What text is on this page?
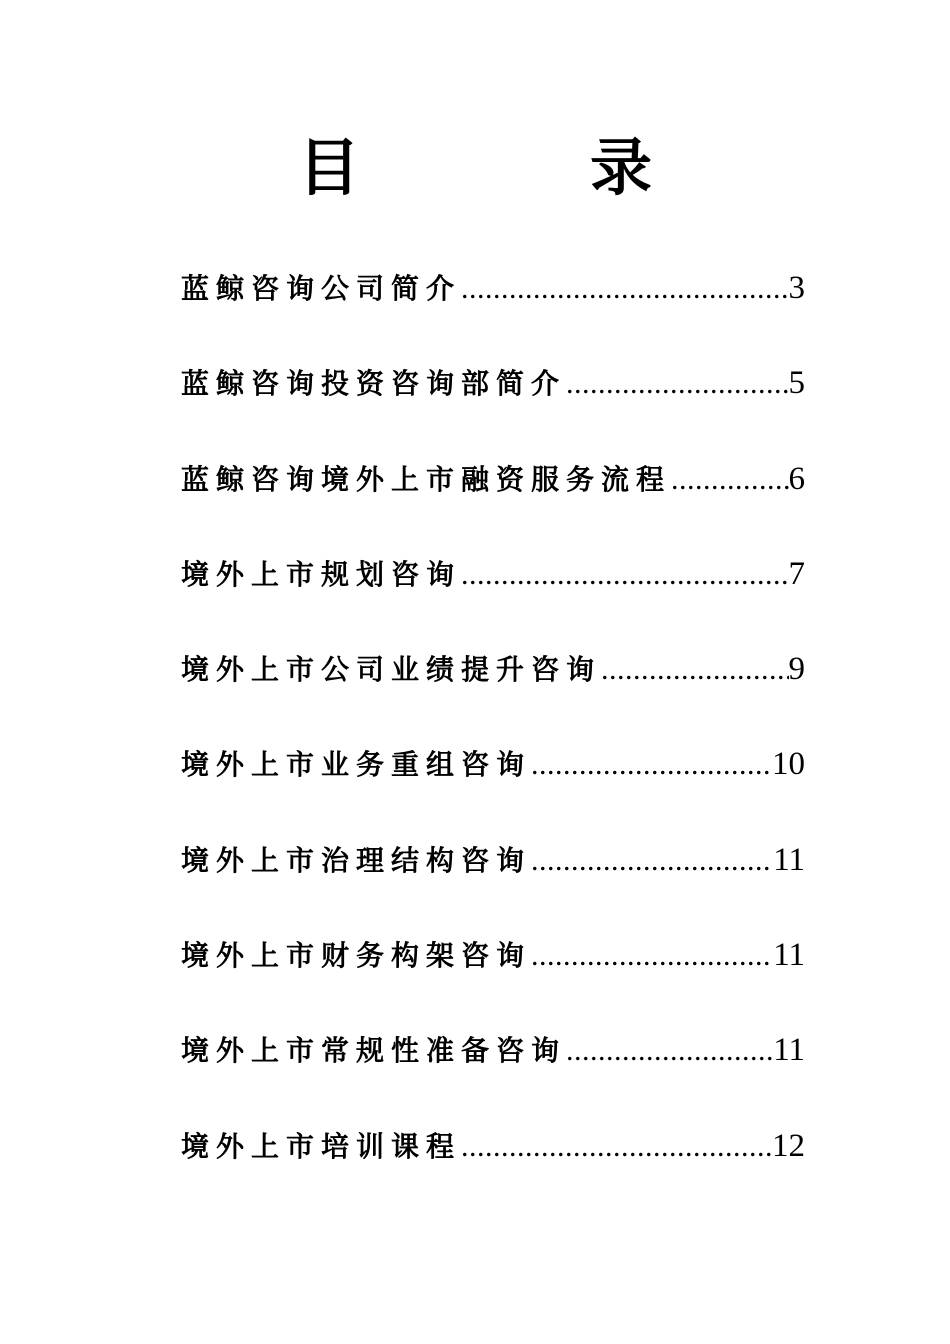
目　录
蓝鲸咨询公司简介 .....	3
蓝鲸咨询投资咨询部简介 .....	5
蓝鲸咨询境外上市融资服务流程 .....	6
境外上市规划咨询 .....	7
境外上市公司业绩提升咨询 .....	9
境外上市业务重组咨询 .....	10
境外上市治理结构咨询 .....	11
境外上市财务构架咨询 .....	11
境外上市常规性准备咨询 .....	11
境外上市培训课程 .....	12
